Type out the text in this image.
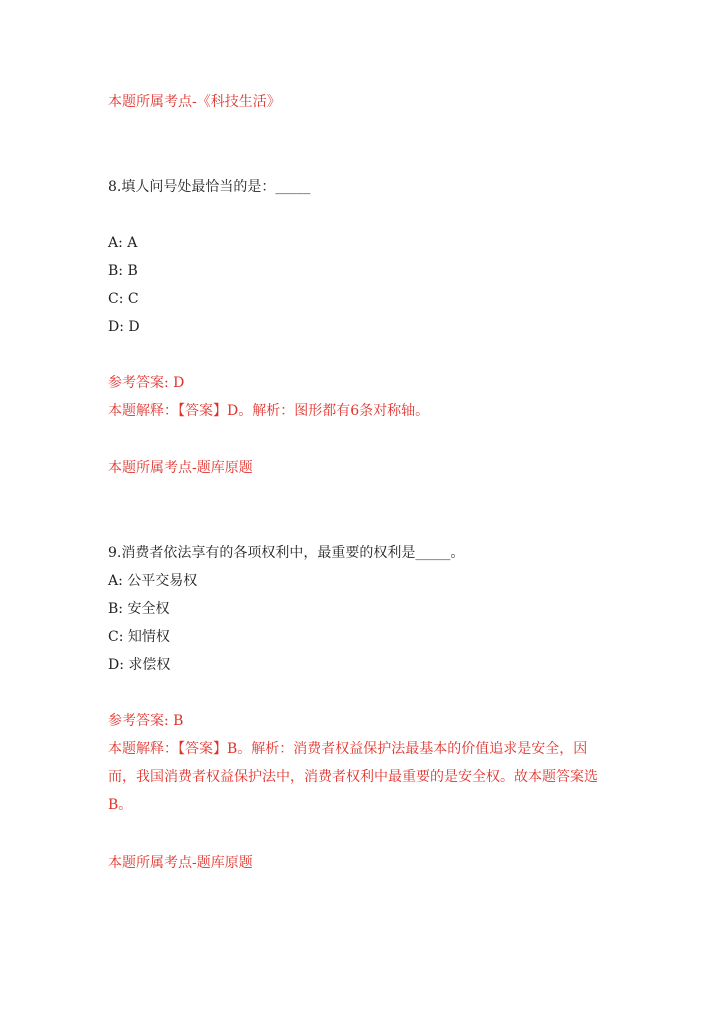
本题所属考点-《科技生活》
8.填人问号处最恰当的是：_____
A: A
B: B
C: C
D: D
参考答案: D
本题解释：【答案】D。解析：图形都有6条对称轴。
本题所属考点-题库原题
9.消费者依法享有的各项权利中，最重要的权利是_____。
A: 公平交易权
B: 安全权
C: 知情权
D: 求偿权
参考答案: B
本题解释：【答案】B。解析：消费者权益保护法最基本的价值追求是安全，因而，我国消费者权益保护法中，消费者权利中最重要的是安全权。故本题答案选B。
本题所属考点-题库原题
